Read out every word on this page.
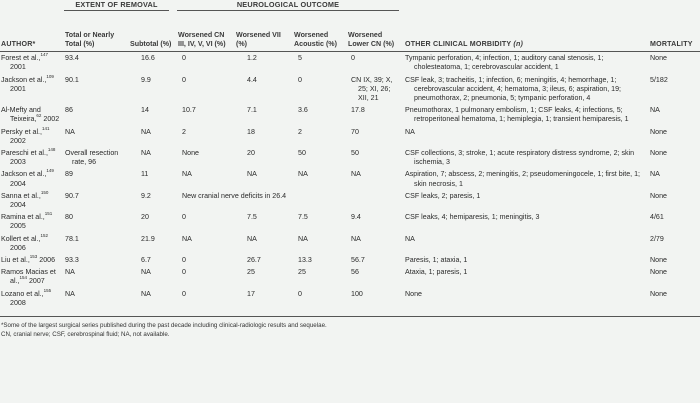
	EXTENT OF REMOVAL		NEUROLOGICAL OUTCOME					

AUTHOR*	Total or Nearly Total (%)	Subtotal (%)	Worsened CN III, IV, V, VI (%)	Worsened VII (%)	Worsened Acoustic (%)	Worsened Lower CN (%)	OTHER CLINICAL MORBIDITY (n)	MORTALITY

Forest et al.,$^{147}$ 2001	93.4	16.6	0	1.2	5	0	Tympanic perforation, 4; infection, 1; auditory canal stenosis, 1; cholesteatoma, 1; cerebrovascular accident, 1	None

Jackson et al.,$^{109}$ 2001	90.1	9.9	0	4.4	0	CN IX, 39; X, 25; XI, 26; XII, 21	CSF leak, 3; tracheitis, 1; infection, 6; meningitis, 4; hemorrhage, 1; cerebrovascular accident, 4; hematoma, 3; ileus, 6; aspiration, 19; pneumothorax, 2; pneumonia, 5; tympanic perforation, 4	5/182

Al-Mefty and Teixeira,$^{62}$ 2002	86	14	10.7	7.1	3.6	17.8	Pneumothorax, 1 pulmonary embolism, 1; CSF leaks, 4; infections, 5; retroperitoneal hematoma, 1; hemiplegia, 1; transient hemiparesis, 1	NA

Persky et al.,$^{141}$ 2002	NA	NA	2	18	2	70	NA	None

Pareschi et al.,$^{148}$ 2003	Overall resection rate, 96	NA	None	20	50	50	CSF collections, 3; stroke, 1; acute respiratory distress syndrome, 2; skin ischemia, 3	None

Jackson et al.,$^{149}$ 2004	89	11	NA	NA	NA	NA	Aspiration, 7; abscess, 2; meningitis, 2; pseudomeningocele, 1; first bite, 1; skin necrosis, 1	NA

Sanna et al.,$^{150}$ 2004	90.7	9.2	New cranial nerve deficits in 26.4				CSF leaks, 2; paresis, 1	None

Ramina et al.,$^{151}$ 2005	80	20	0	7.5	7.5	9.4	CSF leaks, 4; hemiparesis, 1; meningitis, 3	4/61

Kollert et al.,$^{152}$ 2006	78.1	21.9	NA	NA	NA	NA	NA	2/79

Liu et al.,$^{153}$ 2006	93.3	6.7	0	26.7	13.3	56.7	Paresis, 1; ataxia, 1	None

Ramos Macias et al.,$^{154}$ 2007	NA	NA	0	25	25	56	Ataxia, 1; paresis, 1	None

Lozano et al.,$^{155}$ 2008	NA	NA	0	17	0	100	None	None
*Some of the largest surgical series published during the past decade including clinical-radiologic results and sequelae.
CN, cranial nerve; CSF, cerebrospinal fluid; NA, not available.
